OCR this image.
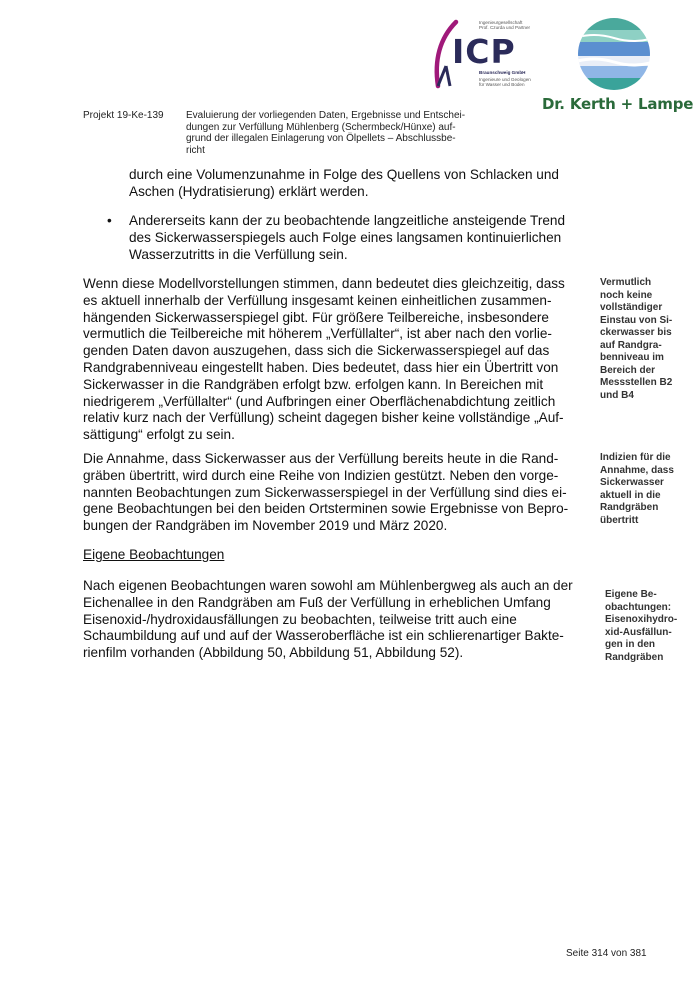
Ingenieurgesellschaft
Prof. Czurda und Partner
ICP
Braunschweig GmbH
Ingenieure und Geologen
für Wasser und Boden
Dr. Kerth + Lampe
Projekt 19-Ke-139 Evaluierung der vorliegenden Daten, Ergebnisse und Entschei-
dungen zur Verfüllung Mühlenberg (Schermbeck/Hünxe) auf-
grund der illegalen Einlagerung von Ölpellets – Abschlussbe-
richt
durch eine Volumenzunahme in Folge des Quellens von Schlacken und
Aschen (Hydratisierung) erklärt werden.
• Andererseits kann der zu beobachtende langzeitliche ansteigende Trend
des Sickerwasserspiegels auch Folge eines langsamen kontinuierlichen
Wasserzutritts in die Verfüllung sein.
Wenn diese Modellvorstellungen stimmen, dann bedeutet dies gleichzeitig, dass
es aktuell innerhalb der Verfüllung insgesamt keinen einheitlichen zusammen-
hängenden Sickerwasserspiegel gibt. Für größere Teilbereiche, insbesondere
vermutlich die Teilbereiche mit höherem „Verfüllalter“, ist aber nach den vorlie-
genden Daten davon auszugehen, dass sich die Sickerwasserspiegel auf das
Randgrabenniveau eingestellt haben. Dies bedeutet, dass hier ein Übertritt von
Sickerwasser in die Randgräben erfolgt bzw. erfolgen kann. In Bereichen mit
niedrigerem „Verfüllalter“ (und Aufbringen einer Oberflächenabdichtung zeitlich
relativ kurz nach der Verfüllung) scheint dagegen bisher keine vollständige „Auf-
sättigung“ erfolgt zu sein.
Die Annahme, dass Sickerwasser aus der Verfüllung bereits heute in die Rand-
gräben übertritt, wird durch eine Reihe von Indizien gestützt. Neben den vorge-
nannten Beobachtungen zum Sickerwasserspiegel in der Verfüllung sind dies ei-
gene Beobachtungen bei den beiden Ortsterminen sowie Ergebnisse von Bepro-
bungen der Randgräben im November 2019 und März 2020.
Eigene Beobachtungen
Nach eigenen Beobachtungen waren sowohl am Mühlenbergweg als auch an der
Eichenallee in den Randgräben am Fuß der Verfüllung in erheblichen Umfang
Eisenoxid-/hydroxidausfällungen zu beobachten, teilweise tritt auch eine
Schaumbildung auf und auf der Wasseroberfläche ist ein schlierenartiger Bakte-
rienfilm vorhanden (Abbildung 50, Abbildung 51, Abbildung 52).
Vermutlich
noch keine
vollständiger
Einstau von Si-
ckerwasser bis
auf Randgra-
benniveau im
Bereich der
Messstellen B2
und B4
Indizien für die
Annahme, dass
Sickerwasser
aktuell in die
Randgräben
übertritt
Eigene Be-
obachtungen:
Eisenoxihydro-
xid-Ausfällun-
gen in den
Randgräben
Seite 314 von 381
